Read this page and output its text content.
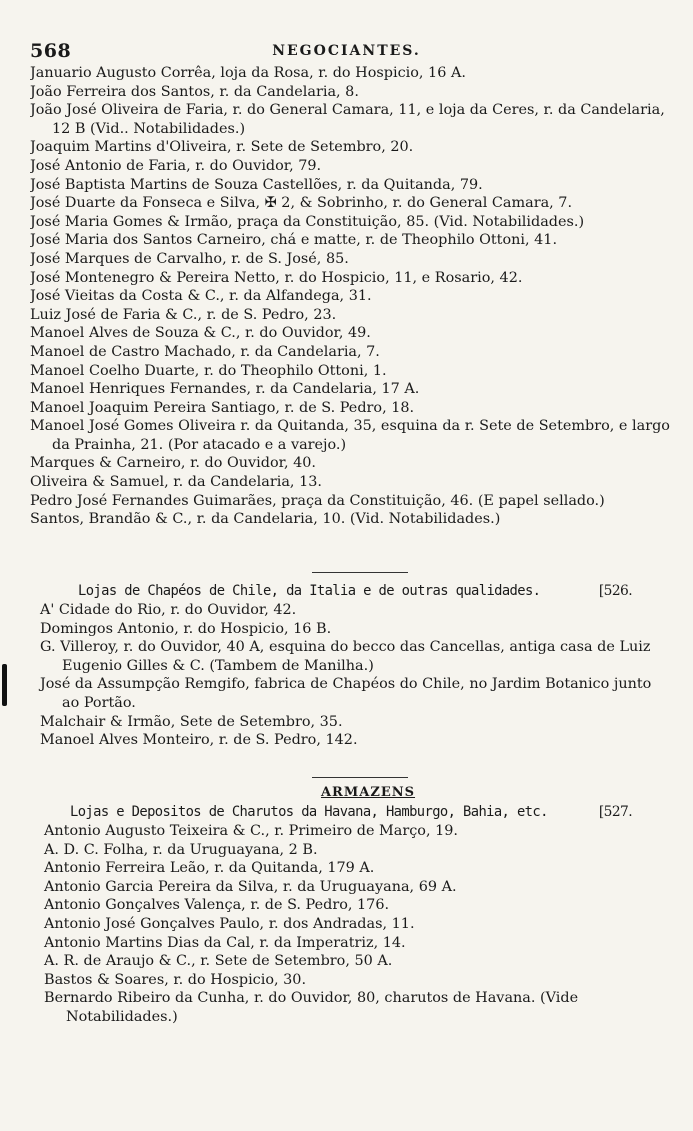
568	NEGOCIANTES.
Januario Augusto Corrêa, loja da Rosa, r. do Hospicio, 16 A.
João Ferreira dos Santos, r. da Candelaria, 8.
João José Oliveira de Faria, r. do General Camara, 11, e loja da Ceres, r. da Candelaria, 12 B (Vid.. Notabilidades.)
Joaquim Martins d'Oliveira, r. Sete de Setembro, 20.
José Antonio de Faria, r. do Ouvidor, 79.
José Baptista Martins de Souza Castellões, r. da Quitanda, 79.
José Duarte da Fonseca e Silva, ✠ 2, & Sobrinho, r. do General Camara, 7.
José Maria Gomes & Irmão, praça da Constituição, 85. (Vid. Notabilidades.)
José Maria dos Santos Carneiro, chá e matte, r. de Theophilo Ottoni, 41.
José Marques de Carvalho, r. de S. José, 85.
José Montenegro & Pereira Netto, r. do Hospicio, 11, e Rosario, 42.
José Vieitas da Costa & C., r. da Alfandega, 31.
Luiz José de Faria & C., r. de S. Pedro, 23.
Manoel Alves de Souza & C., r. do Ouvidor, 49.
Manoel de Castro Machado, r. da Candelaria, 7.
Manoel Coelho Duarte, r. do Theophilo Ottoni, 1.
Manoel Henriques Fernandes, r. da Candelaria, 17 A.
Manoel Joaquim Pereira Santiago, r. de S. Pedro, 18.
Manoel José Gomes Oliveira r. da Quitanda, 35, esquina da r. Sete de Setembro, e largo da Prainha, 21. (Por atacado e a varejo.)
Marques & Carneiro, r. do Ouvidor, 40.
Oliveira & Samuel, r. da Candelaria, 13.
Pedro José Fernandes Guimarães, praça da Constituição, 46. (E papel sellado.)
Santos, Brandão & C., r. da Candelaria, 10. (Vid. Notabilidades.)
Lojas de Chapéos de Chile, da Italia e de outras qualidades.	[526.
A' Cidade do Rio, r. do Ouvidor, 42.
Domingos Antonio, r. do Hospicio, 16 B.
G. Villeroy, r. do Ouvidor, 40 A, esquina do becco das Cancellas, antiga casa de Luiz Eugenio Gilles & C. (Tambem de Manilha.)
José da Assumpção Remgifo, fabrica de Chapéos do Chile, no Jardim Botanico junto ao Portão.
Malchair & Irmão, Sete de Setembro, 35.
Manoel Alves Monteiro, r. de S. Pedro, 142.
ARMAZENS
Lojas e Depositos de Charutos da Havana, Hamburgo, Bahia, etc.	[527.
Antonio Augusto Teixeira & C., r. Primeiro de Março, 19.
A. D. C. Folha, r. da Uruguayana, 2 B.
Antonio Ferreira Leão, r. da Quitanda, 179 A.
Antonio Garcia Pereira da Silva, r. da Uruguayana, 69 A.
Antonio Gonçalves Valença, r. de S. Pedro, 176.
Antonio José Gonçalves Paulo, r. dos Andradas, 11.
Antonio Martins Dias da Cal, r. da Imperatriz, 14.
A. R. de Araujo & C., r. Sete de Setembro, 50 A.
Bastos & Soares, r. do Hospicio, 30.
Bernardo Ribeiro da Cunha, r. do Ouvidor, 80, charutos de Havana. (Vide Notabilidades.)
